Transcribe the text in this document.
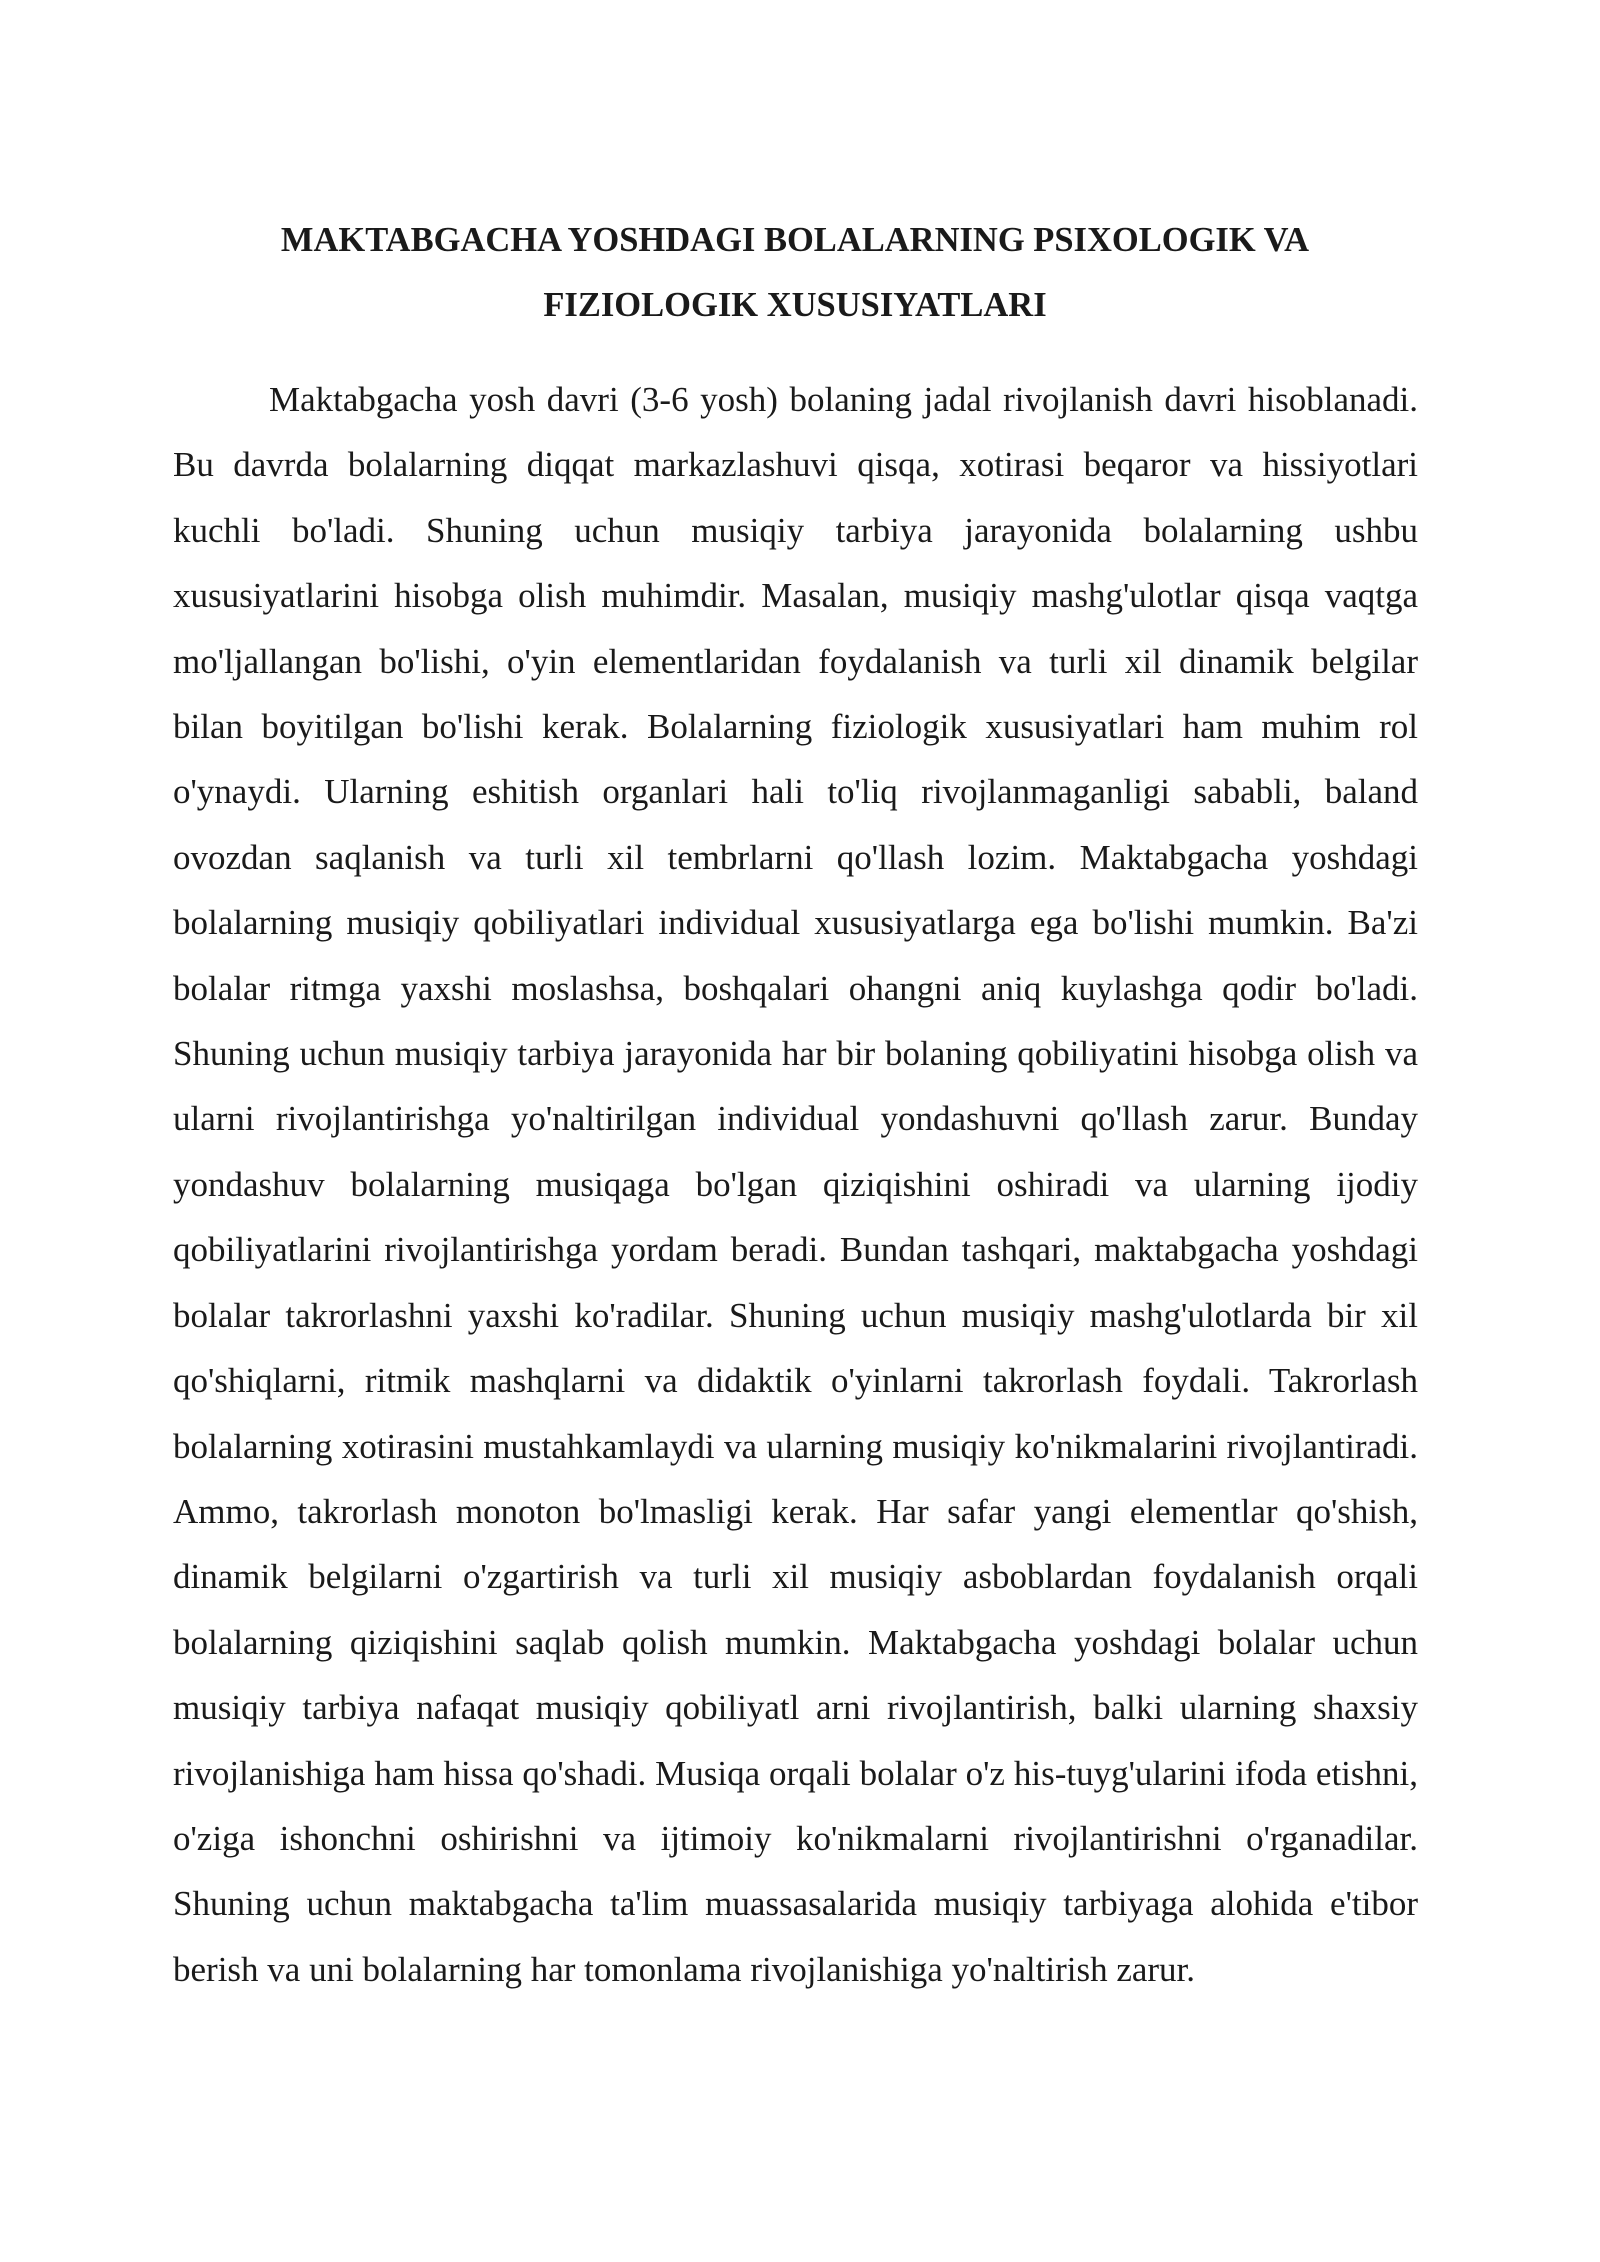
MAKTABGACHA YOSHDAGI BOLALARNING PSIXOLOGIK VA
FIZIOLOGIK XUSUSIYATLARI

Maktabgacha yosh davri (3-6 yosh) bolaning jadal rivojlanish davri hisoblanadi. Bu davrda bolalarning diqqat markazlashuvi qisqa, xotirasi beqaror va hissiyotlari kuchli bo'ladi. Shuning uchun musiqiy tarbiya jarayonida bolalarning ushbu xususiyatlarini hisobga olish muhimdir. Masalan, musiqiy mashg'ulotlar qisqa vaqtga mo'ljallangan bo'lishi, o'yin elementlaridan foydalanish va turli xil dinamik belgilar bilan boyitilgan bo'lishi kerak. Bolalarning fiziologik xususiyatlari ham muhim rol o'ynaydi. Ularning eshitish organlari hali to'liq rivojlanmaganligi sababli, baland ovozdan saqlanish va turli xil tembrlarni qo'llash lozim. Maktabgacha yoshdagi bolalarning musiqiy qobiliyatlari individual xususiyatlarga ega bo'lishi mumkin. Ba'zi bolalar ritmga yaxshi moslashsa, boshqalari ohangni aniq kuylashga qodir bo'ladi. Shuning uchun musiqiy tarbiya jarayonida har bir bolaning qobiliyatini hisobga olish va ularni rivojlantirishga yo'naltirilgan individual yondashuvni qo'llash zarur. Bunday yondashuv bolalarning musiqaga bo'lgan qiziqishini oshiradi va ularning ijodiy qobiliyatlarini rivojlantirishga yordam beradi. Bundan tashqari, maktabgacha yoshdagi bolalar takrorlashni yaxshi ko'radilar. Shuning uchun musiqiy mashg'ulotlarda bir xil qo'shiqlarni, ritmik mashqlarni va didaktik o'yinlarni takrorlash foydali. Takrorlash bolalarning xotirasini mustahkamlaydi va ularning musiqiy ko'nikmalarini rivojlantiradi. Ammo, takrorlash monoton bo'lmasligi kerak. Har safar yangi elementlar qo'shish, dinamik belgilarni o'zgartirish va turli xil musiqiy asboblardan foydalanish orqali bolalarning qiziqishini saqlab qolish mumkin. Maktabgacha yoshdagi bolalar uchun musiqiy tarbiya nafaqat musiqiy qobiliyatl arni rivojlantirish, balki ularning shaxsiy rivojlanishiga ham hissa qo'shadi. Musiqa orqali bolalar o'z his-tuyg'ularini ifoda etishni, o'ziga ishonchni oshirishni va ijtimoiy ko'nikmalarni rivojlantirishni o'rganadilar. Shuning uchun maktabgacha ta'lim muassasalarida musiqiy tarbiyaga alohida e'tibor berish va uni bolalarning har tomonlama rivojlanishiga yo'naltirish zarur.
